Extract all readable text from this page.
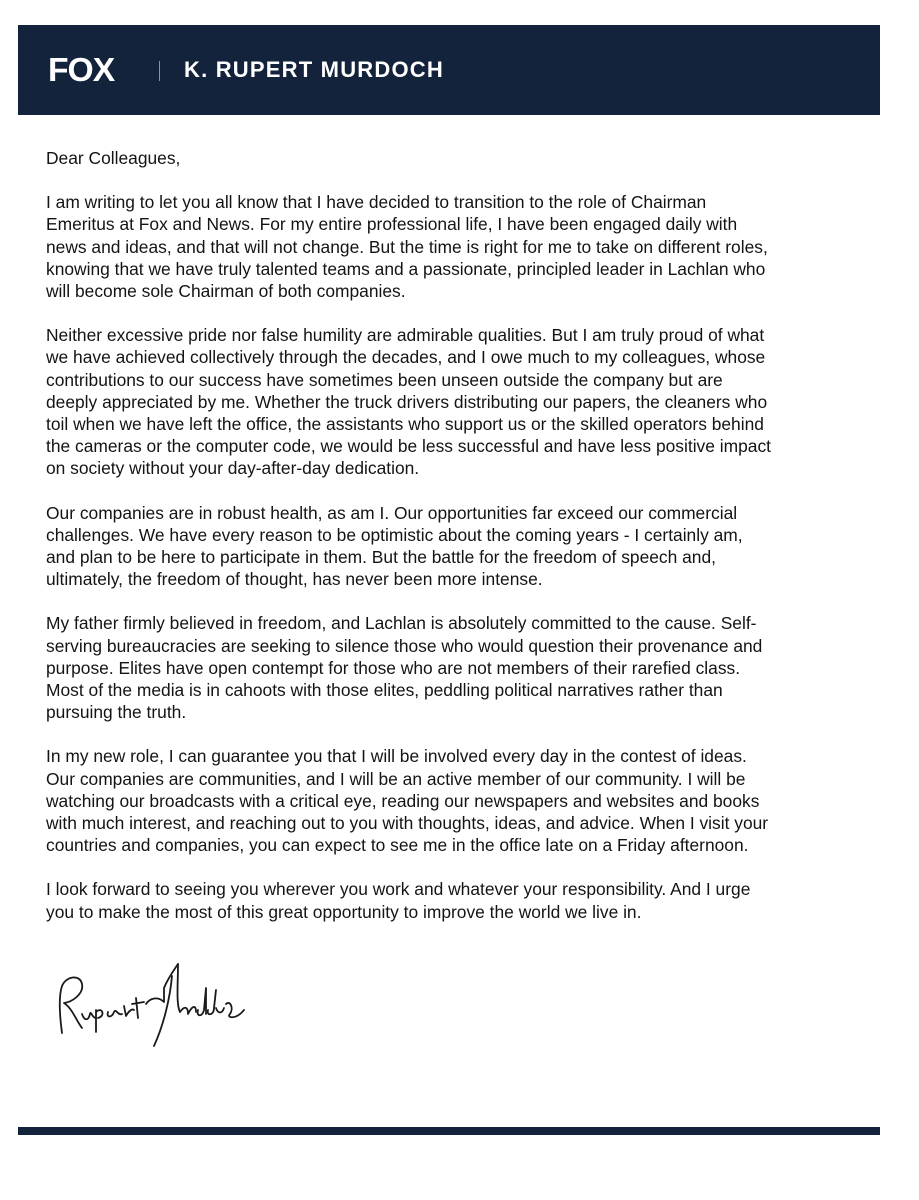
FOX	K. RUPERT MURDOCH

Dear Colleagues,

I am writing to let you all know that I have decided to transition to the role of Chairman
Emeritus at Fox and News. For my entire professional life, I have been engaged daily with
news and ideas, and that will not change. But the time is right for me to take on different roles,
knowing that we have truly talented teams and a passionate, principled leader in Lachlan who
will become sole Chairman of both companies.

Neither excessive pride nor false humility are admirable qualities. But I am truly proud of what
we have achieved collectively through the decades, and I owe much to my colleagues, whose
contributions to our success have sometimes been unseen outside the company but are
deeply appreciated by me. Whether the truck drivers distributing our papers, the cleaners who
toil when we have left the office, the assistants who support us or the skilled operators behind
the cameras or the computer code, we would be less successful and have less positive impact
on society without your day-after-day dedication.

Our companies are in robust health, as am I. Our opportunities far exceed our commercial
challenges. We have every reason to be optimistic about the coming years - I certainly am,
and plan to be here to participate in them. But the battle for the freedom of speech and,
ultimately, the freedom of thought, has never been more intense.

My father firmly believed in freedom, and Lachlan is absolutely committed to the cause. Self-
serving bureaucracies are seeking to silence those who would question their provenance and
purpose. Elites have open contempt for those who are not members of their rarefied class.
Most of the media is in cahoots with those elites, peddling political narratives rather than
pursuing the truth.

In my new role, I can guarantee you that I will be involved every day in the contest of ideas.
Our companies are communities, and I will be an active member of our community. I will be
watching our broadcasts with a critical eye, reading our newspapers and websites and books
with much interest, and reaching out to you with thoughts, ideas, and advice. When I visit your
countries and companies, you can expect to see me in the office late on a Friday afternoon.

I look forward to seeing you wherever you work and whatever your responsibility. And I urge
you to make the most of this great opportunity to improve the world we live in.
